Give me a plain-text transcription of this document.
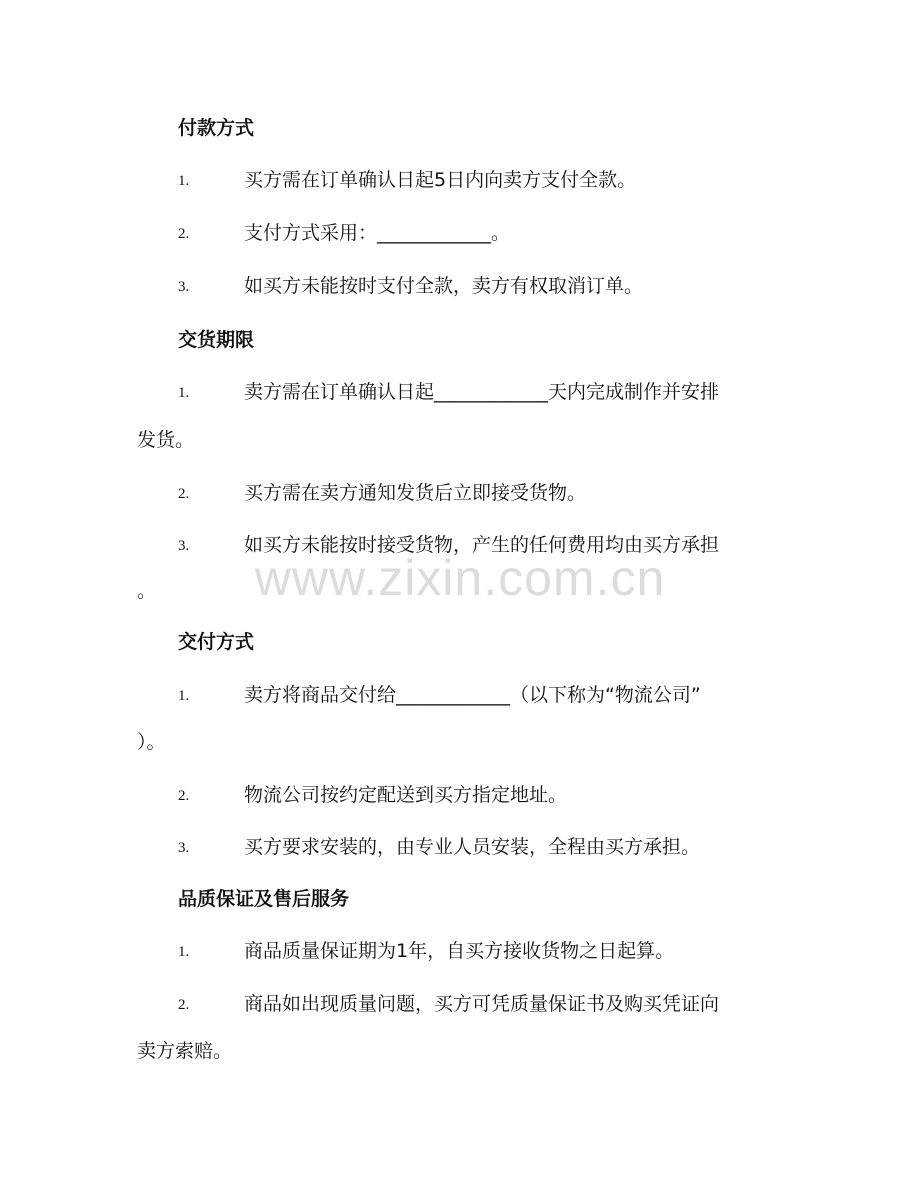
付款方式
1.	买方需在订单确认日起5日内向卖方支付全款。
2.	支付方式采用：____________。
3.	如买方未能按时支付全款，卖方有权取消订单。
交货期限
1.	卖方需在订单确认日起____________天内完成制作并安排
发货。
2.	买方需在卖方通知发货后立即接受货物。
3.	如买方未能按时接受货物，产生的任何费用均由买方承担
。
交付方式
1.	卖方将商品交付给____________（以下称为“物流公司”
）。
2.	物流公司按约定配送到买方指定地址。
3.	买方要求安装的，由专业人员安装，全程由买方承担。
品质保证及售后服务
1.	商品质量保证期为1年，自买方接收货物之日起算。
2.	商品如出现质量问题，买方可凭质量保证书及购买凭证向
卖方索赔。
www.zixin.com.cn
